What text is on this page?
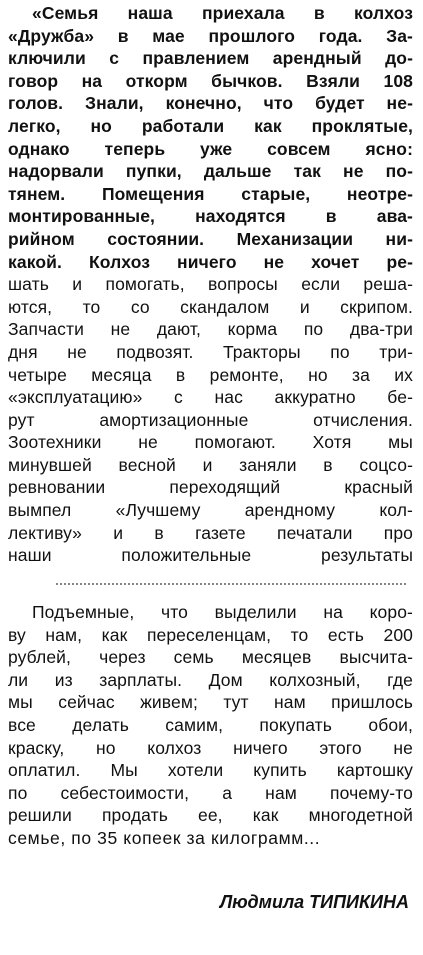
«Семья наша приехала в колхоз
«Дружба» в мае прошлого года. За-
ключили с правлением арендный до-
говор на откорм бычков. Взяли 108
голов. Знали, конечно, что будет не-
легко, но работали как проклятые,
однако теперь уже совсем ясно:
надорвали пупки, дальше так не по-
тянем. Помещения старые, неотре-
монтированные, находятся в ава-
рийном состоянии. Механизации ни-
какой. Колхоз ничего не хочет ре-
шать и помогать, вопросы если реша-
ются, то со скандалом и скрипом.
Запчасти не дают, корма по два-три
дня не подвозят. Тракторы по три-
четыре месяца в ремонте, но за их
«эксплуатацию» с нас аккуратно бе-
рут амортизационные отчисления.
Зоотехники не помогают. Хотя мы
минувшей весной и заняли в соцсо-
ревновании переходящий красный
вымпел «Лучшему арендному кол-
лективу» и в газете печатали про
наши положительные результаты
Подъемные, что выделили на коро-
ву нам, как переселенцам, то есть 200
рублей, через семь месяцев высчита-
ли из зарплаты. Дом колхозный, где
мы сейчас живем; тут нам пришлось
все делать самим, покупать обои,
краску, но колхоз ничего этого не
оплатил. Мы хотели купить картошку
по себестоимости, а нам почему-то
решили продать ее, как многодетной
семье, по 35 копеек за килограмм...
Людмила ТИПИКИНА
